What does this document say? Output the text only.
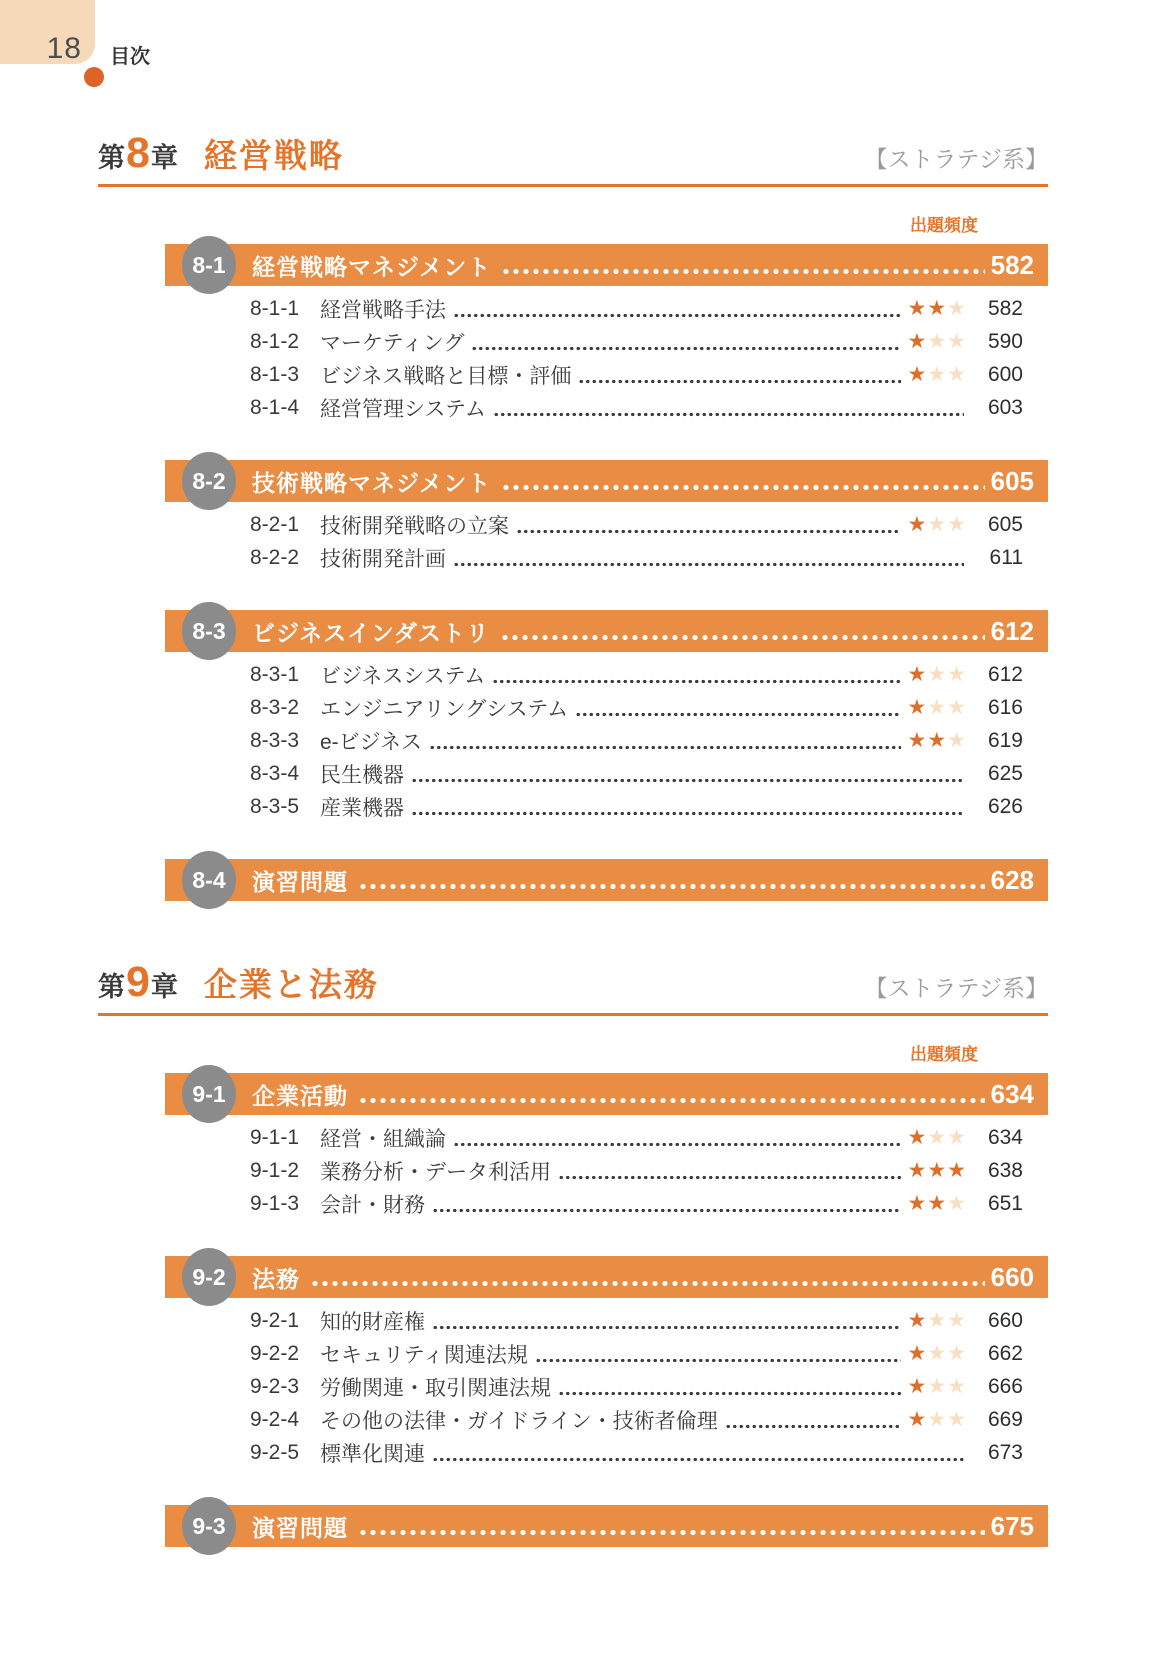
18 目次
第 8 章 経営戦略	【ストラテジ系】
出題頻度
8-1	経営戦略マネジメント	582
8-1-1 経営戦略手法	★★★ 582
8-1-2 マーケティング	★★★ 590
8-1-3 ビジネス戦略と目標・評価	★★★ 600
8-1-4 経営管理システム	603
8-2	技術戦略マネジメント	605
8-2-1 技術開発戦略の立案	★★★ 605
8-2-2 技術開発計画	611
8-3	ビジネスインダストリ	612
8-3-1 ビジネスシステム	★★★ 612
8-3-2 エンジニアリングシステム	★★★ 616
8-3-3 e-ビジネス	★★★ 619
8-3-4 民生機器	625
8-3-5 産業機器	626
8-4	演習問題	628
第 9 章 企業と法務	【ストラテジ系】
出題頻度
9-1	企業活動	634
9-1-1 経営・組織論	★★★ 634
9-1-2 業務分析・データ利活用	★★★ 638
9-1-3 会計・財務	★★★ 651
9-2	法務	660
9-2-1 知的財産権	★★★ 660
9-2-2 セキュリティ関連法規	★★★ 662
9-2-3 労働関連・取引関連法規	★★★ 666
9-2-4 その他の法律・ガイドライン・技術者倫理	★★★ 669
9-2-5 標準化関連	673
9-3	演習問題	675
